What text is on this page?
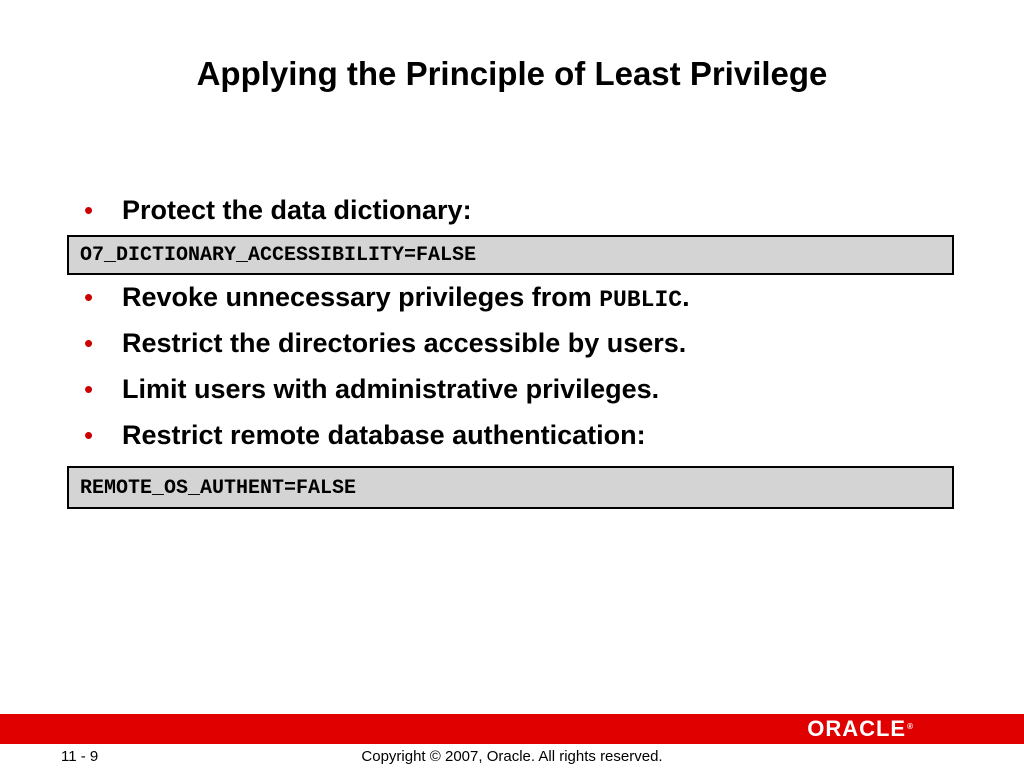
Applying the Principle of Least Privilege
•	Protect the data dictionary:
O7_DICTIONARY_ACCESSIBILITY=FALSE
•	Revoke unnecessary privileges from PUBLIC.
•	Restrict the directories accessible by users.
•	Limit users with administrative privileges.
•	Restrict remote database authentication:
REMOTE_OS_AUTHENT=FALSE
ORACLE®
11 - 9	Copyright © 2007, Oracle. All rights reserved.
